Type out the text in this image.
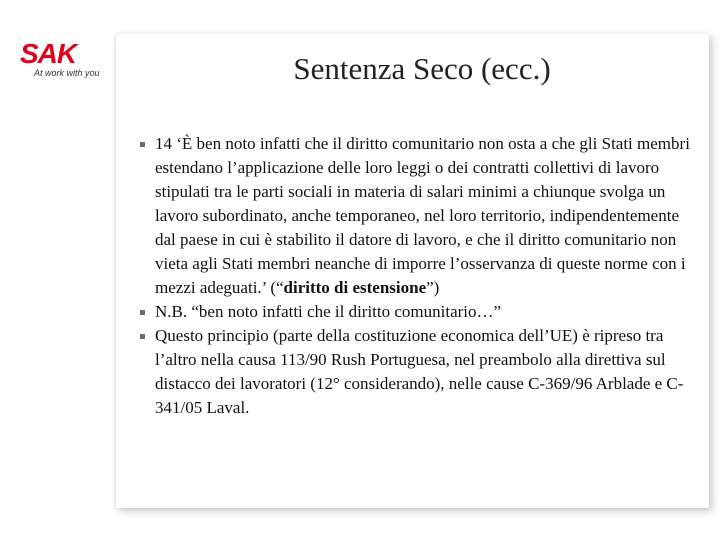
SAK
At work with you	Sentenza Seco (ecc.)
14 ‘È ben noto infatti che il diritto comunitario non osta a che gli Stati membri estendano l’applicazione delle loro leggi o dei contratti collettivi di lavoro stipulati tra le parti sociali in materia di salari minimi a chiunque svolga un lavoro subordinato, anche temporaneo, nel loro territorio, indipendentemente dal paese in cui è stabilito il datore di lavoro, e che il diritto comunitario non vieta agli Stati membri neanche di imporre l’osservanza di queste norme con i mezzi adeguati.’ (“diritto di estensione”)
N.B. “ben noto infatti che il diritto comunitario…”
Questo principio (parte della costituzione economica dell’UE) è ripreso tra l’altro nella causa 113/90 Rush Portuguesa, nel preambolo alla direttiva sul distacco dei lavoratori (12° considerando), nelle cause C-369/96 Arblade e C-341/05 Laval.
